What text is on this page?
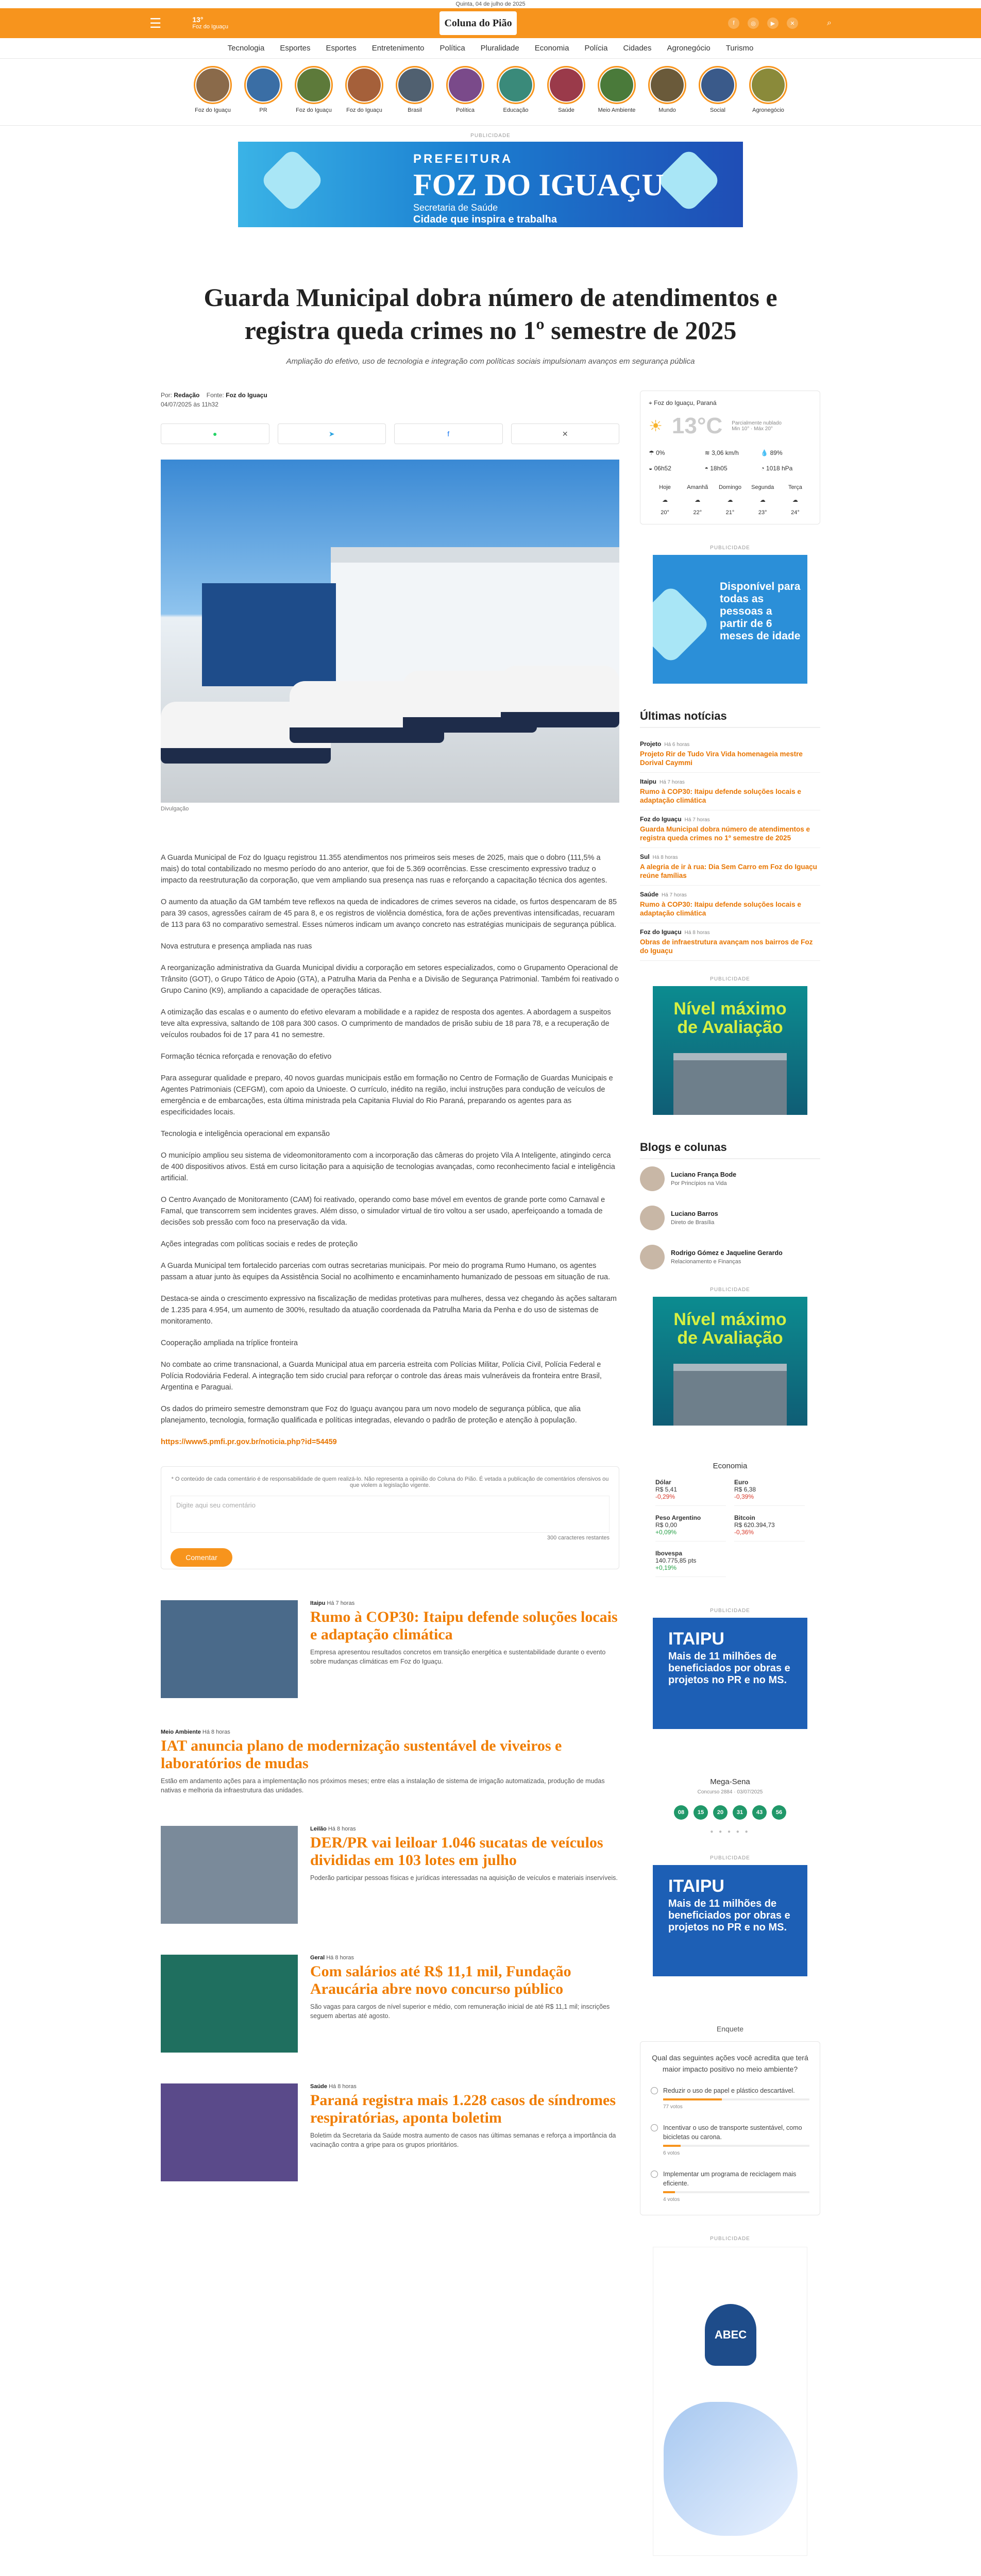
Quinta, 04 de julho de 2025
☰	13°
Foz do Iguaçu	Coluna do Pião	f	◎	▶	✕	⌕
Tecnologia Esportes Esportes Entretenimento Política Pluralidade Economia Polícia Cidades Agronegócio Turismo
Foz do Iguaçu	PR	Foz do Iguaçu	Foz do Iguaçu	Brasil	Política	Educação	Saúde	Meio Ambiente	Mundo	Social	Agronegócio
PUBLICIDADE
PREFEITURA
FOZ DO IGUAÇU
Secretaria de Saúde
Cidade que inspira e trabalha
Guarda Municipal dobra número de atendimentos e registra queda crimes no 1º semestre de 2025
Ampliação do efetivo, uso de tecnologia e integração com políticas sociais impulsionam avanços em segurança pública
Por: Redação Fonte: Foz do Iguaçu
04/07/2025 às 11h32
●	➤	f	✕
Divulgação

A Guarda Municipal de Foz do Iguaçu registrou 11.355 atendimentos nos primeiros seis meses de 2025, mais que o dobro (111,5% a mais) do total contabilizado no mesmo período do ano anterior, que foi de 5.369 ocorrências. Esse crescimento expressivo traduz o impacto da reestruturação da corporação, que vem ampliando sua presença nas ruas e reforçando a capacitação técnica dos agentes.

O aumento da atuação da GM também teve reflexos na queda de indicadores de crimes severos na cidade, os furtos despencaram de 85 para 39 casos, agressões caíram de 45 para 8, e os registros de violência doméstica, fora de ações preventivas intensificadas, recuaram de 113 para 63 no comparativo semestral. Esses números indicam um avanço concreto nas estratégias municipais de segurança pública.

Nova estrutura e presença ampliada nas ruas

A reorganização administrativa da Guarda Municipal dividiu a corporação em setores especializados, como o Grupamento Operacional de Trânsito (GOT), o Grupo Tático de Apoio (GTA), a Patrulha Maria da Penha e a Divisão de Segurança Patrimonial. Também foi reativado o Grupo Canino (K9), ampliando a capacidade de operações táticas.

A otimização das escalas e o aumento do efetivo elevaram a mobilidade e a rapidez de resposta dos agentes. A abordagem a suspeitos teve alta expressiva, saltando de 108 para 300 casos. O cumprimento de mandados de prisão subiu de 18 para 78, e a recuperação de veículos roubados foi de 17 para 41 no semestre.

Formação técnica reforçada e renovação do efetivo

Para assegurar qualidade e preparo, 40 novos guardas municipais estão em formação no Centro de Formação de Guardas Municipais e Agentes Patrimoniais (CEFGM), com apoio da Unioeste. O currículo, inédito na região, inclui instruções para condução de veículos de emergência e de embarcações, esta última ministrada pela Capitania Fluvial do Rio Paraná, preparando os agentes para as especificidades locais.

Tecnologia e inteligência operacional em expansão

O município ampliou seu sistema de videomonitoramento com a incorporação das câmeras do projeto Vila A Inteligente, atingindo cerca de 400 dispositivos ativos. Está em curso licitação para a aquisição de tecnologias avançadas, como reconhecimento facial e inteligência artificial.

O Centro Avançado de Monitoramento (CAM) foi reativado, operando como base móvel em eventos de grande porte como Carnaval e Famal, que transcorrem sem incidentes graves. Além disso, o simulador virtual de tiro voltou a ser usado, aperfeiçoando a tomada de decisões sob pressão com foco na preservação da vida.

Ações integradas com políticas sociais e redes de proteção

A Guarda Municipal tem fortalecido parcerias com outras secretarias municipais. Por meio do programa Rumo Humano, os agentes passam a atuar junto às equipes da Assistência Social no acolhimento e encaminhamento humanizado de pessoas em situação de rua.

Destaca-se ainda o crescimento expressivo na fiscalização de medidas protetivas para mulheres, dessa vez chegando às ações saltaram de 1.235 para 4.954, um aumento de 300%, resultado da atuação coordenada da Patrulha Maria da Penha e do uso de sistemas de monitoramento.

Cooperação ampliada na tríplice fronteira

No combate ao crime transnacional, a Guarda Municipal atua em parceria estreita com Polícias Militar, Polícia Civil, Polícia Federal e Polícia Rodoviária Federal. A integração tem sido crucial para reforçar o controle das áreas mais vulneráveis da fronteira entre Brasil, Argentina e Paraguai.

Os dados do primeiro semestre demonstram que Foz do Iguaçu avançou para um novo modelo de segurança pública, que alia planejamento, tecnologia, formação qualificada e políticas integradas, elevando o padrão de proteção e atenção à população.

https://www5.pmfi.pr.gov.br/noticia.php?id=54459

* O conteúdo de cada comentário é de responsabilidade de quem realizá-lo. Não representa a opinião do Coluna do Pião. É vetada a publicação de comentários ofensivos ou que violem a legislação vigente.
Digite aqui seu comentário
300 caracteres restantes
Comentar
Itaipu Há 7 horas
Rumo à COP30: Itaipu defende soluções locais e adaptação climática
Empresa apresentou resultados concretos em transição energética e sustentabilidade durante o evento sobre mudanças climáticas em Foz do Iguaçu.
Meio Ambiente Há 8 horas
IAT anuncia plano de modernização sustentável de viveiros e laboratórios de mudas
Estão em andamento ações para a implementação nos próximos meses; entre elas a instalação de sistema de irrigação automatizada, produção de mudas nativas e melhoria da infraestrutura das unidades.
Leilão Há 8 horas
DER/PR vai leiloar 1.046 sucatas de veículos divididas em 103 lotes em julho
Poderão participar pessoas físicas e jurídicas interessadas na aquisição de veículos e materiais inservíveis.
Geral Há 8 horas
Com salários até R$ 11,1 mil, Fundação Araucária abre novo concurso público
São vagas para cargos de nível superior e médio, com remuneração inicial de até R$ 11,1 mil; inscrições seguem abertas até agosto.
Saúde Há 8 horas
Paraná registra mais 1.228 casos de síndromes respiratórias, aponta boletim
Boletim da Secretaria da Saúde mostra aumento de casos nas últimas semanas e reforça a importância da vacinação contra a gripe para os grupos prioritários.
⌖ Foz do Iguaçu, Paraná
☀ 13°C Parcialmente nublado
Min 10° · Máx 20°
☂ 0%	≋ 3,06 km/h	💧 89%
◒ 06h52	◓ 18h05	◔ 1018 hPa
Hoje	Amanhã	Domingo	Segunda	Terça
☁	☁	☁	☁	☁
20°	22°	21°	23°	24°
PUBLICIDADE
Disponível para todas as pessoas a partir de 6 meses de idade
Últimas notícias
Projeto Há 6 horas
Projeto Rir de Tudo Vira Vida homenageia mestre Dorival Caymmi
Itaipu Há 7 horas
Rumo à COP30: Itaipu defende soluções locais e adaptação climática
Foz do Iguaçu Há 7 horas
Guarda Municipal dobra número de atendimentos e registra queda crimes no 1º semestre de 2025
Sul Há 8 horas
A alegria de ir à rua: Dia Sem Carro em Foz do Iguaçu reúne famílias
Saúde Há 7 horas
Rumo à COP30: Itaipu defende soluções locais e adaptação climática
Foz do Iguaçu Há 8 horas
Obras de infraestrutura avançam nos bairros de Foz do Iguaçu
PUBLICIDADE
Nível máximo de Avaliação
Blogs e colunas
Luciano França Bode
Por Princípios na Vida
Luciano Barros
Direto de Brasília
Rodrigo Gómez e Jaqueline Gerardo
Relacionamento e Finanças
PUBLICIDADE
Nível máximo de Avaliação
Economia
Dólar
R$ 5,41
-0,29%
Euro
R$ 6,38
-0,39%
Peso Argentino
R$ 0,00
+0,09%
Bitcoin
R$ 620.394,73
-0,36%
Ibovespa
140.775,85 pts
+0,19%
PUBLICIDADE
ITAIPU
Mais de 11 milhões de beneficiados por obras e projetos no PR e no MS.
Mega-Sena
Concurso 2884 · 03/07/2025
08	15	20	31	43	56
● ● ● ● ●
PUBLICIDADE
ITAIPU
Mais de 11 milhões de beneficiados por obras e projetos no PR e no MS.
Enquete
Qual das seguintes ações você acredita que terá maior impacto positivo no meio ambiente?
Reduzir o uso de papel e plástico descartável.
77 votos
Incentivar o uso de transporte sustentável, como bicicletas ou carona.
6 votos
Implementar um programa de reciclagem mais eficiente.
4 votos
PUBLICIDADE
ABEC
